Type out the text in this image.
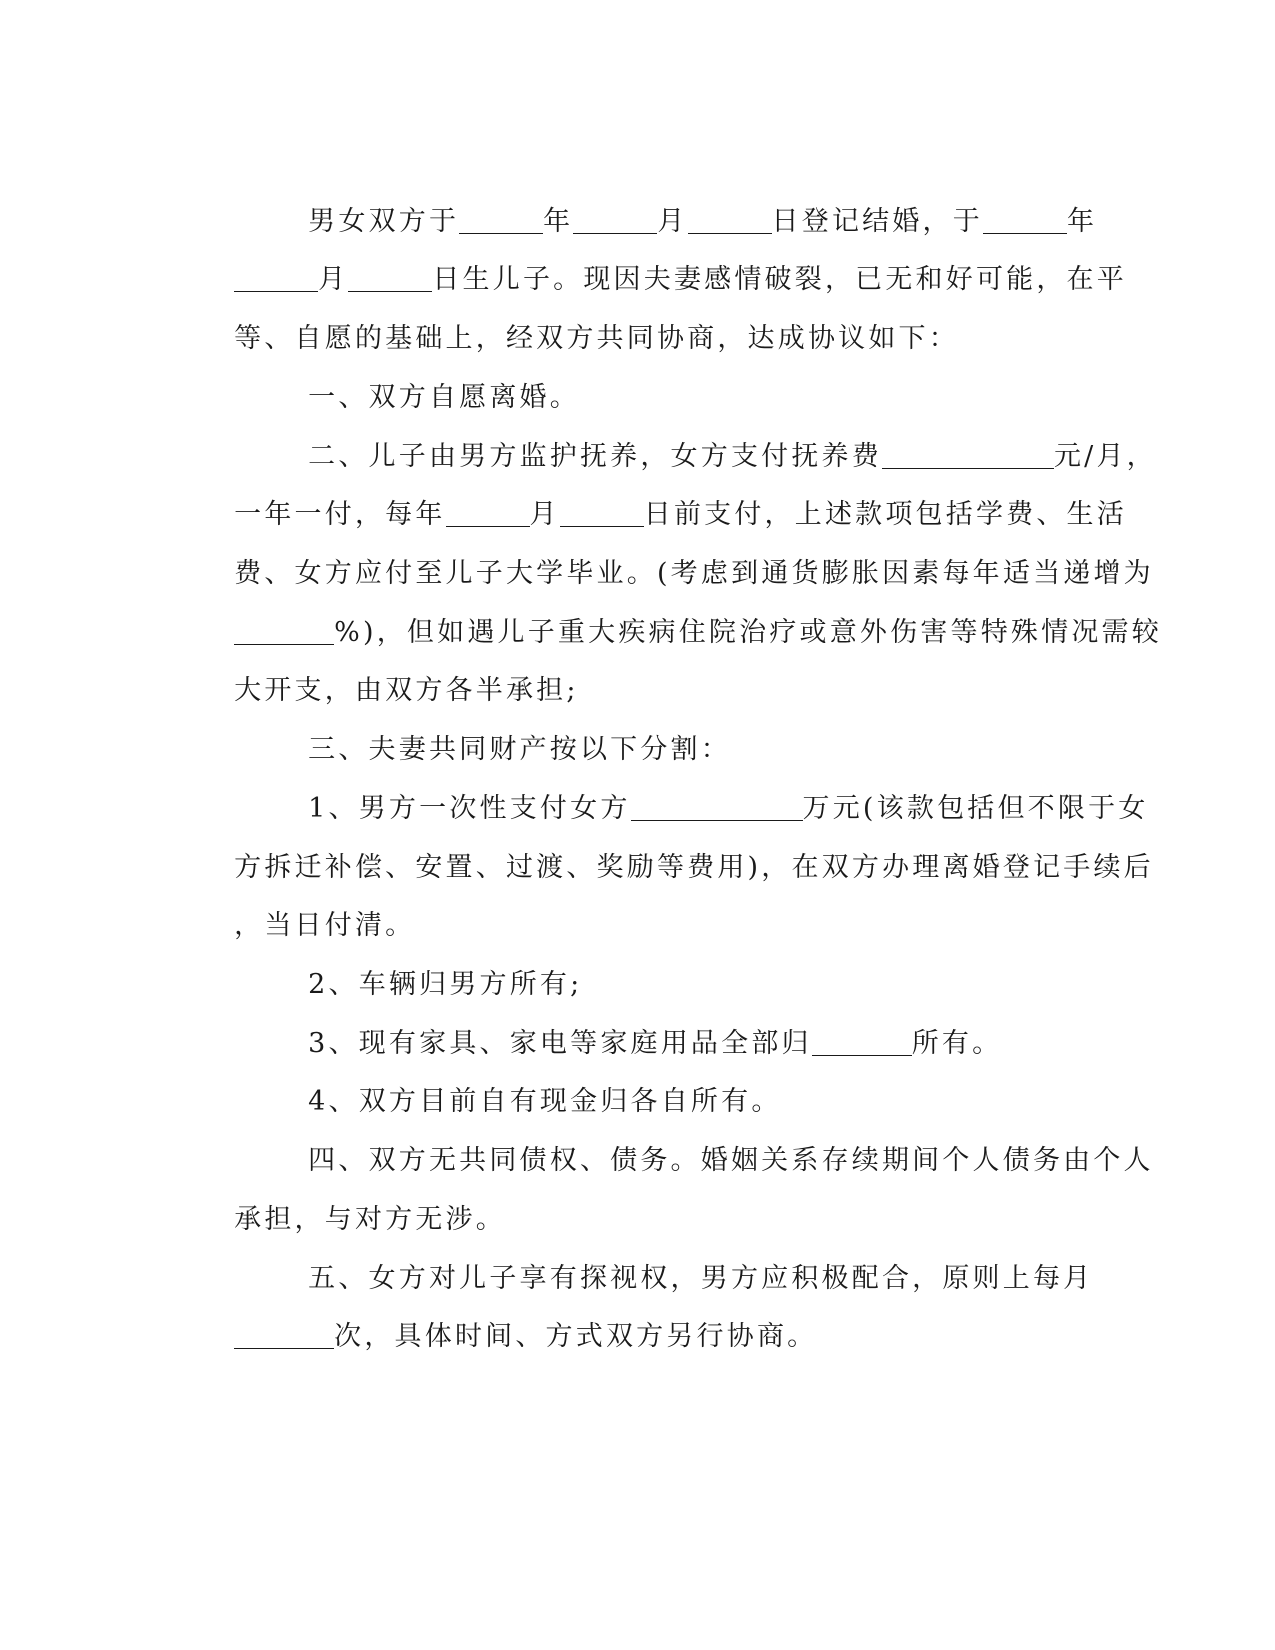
男女双方于	年	月	日登记结婚，于	年

月	日生儿子。现因夫妻感情破裂，已无和好可能，在平

等、自愿的基础上，经双方共同协商，达成协议如下：

一、双方自愿离婚。

二、儿子由男方监护抚养，女方支付抚养费	元/月，

一年一付，每年	月	日前支付，上述款项包括学费、生活

费、女方应付至儿子大学毕业。(考虑到通货膨胀因素每年适当递增为

%)，但如遇儿子重大疾病住院治疗或意外伤害等特殊情况需较

大开支，由双方各半承担;

三、夫妻共同财产按以下分割：

1、男方一次性支付女方	万元(该款包括但不限于女

方拆迁补偿、安置、过渡、奖励等费用)，在双方办理离婚登记手续后

，当日付清。

2、车辆归男方所有;

3、现有家具、家电等家庭用品全部归	所有。

4、双方目前自有现金归各自所有。

四、双方无共同债权、债务。婚姻关系存续期间个人债务由个人

承担，与对方无涉。

五、女方对儿子享有探视权，男方应积极配合，原则上每月

次，具体时间、方式双方另行协商。
